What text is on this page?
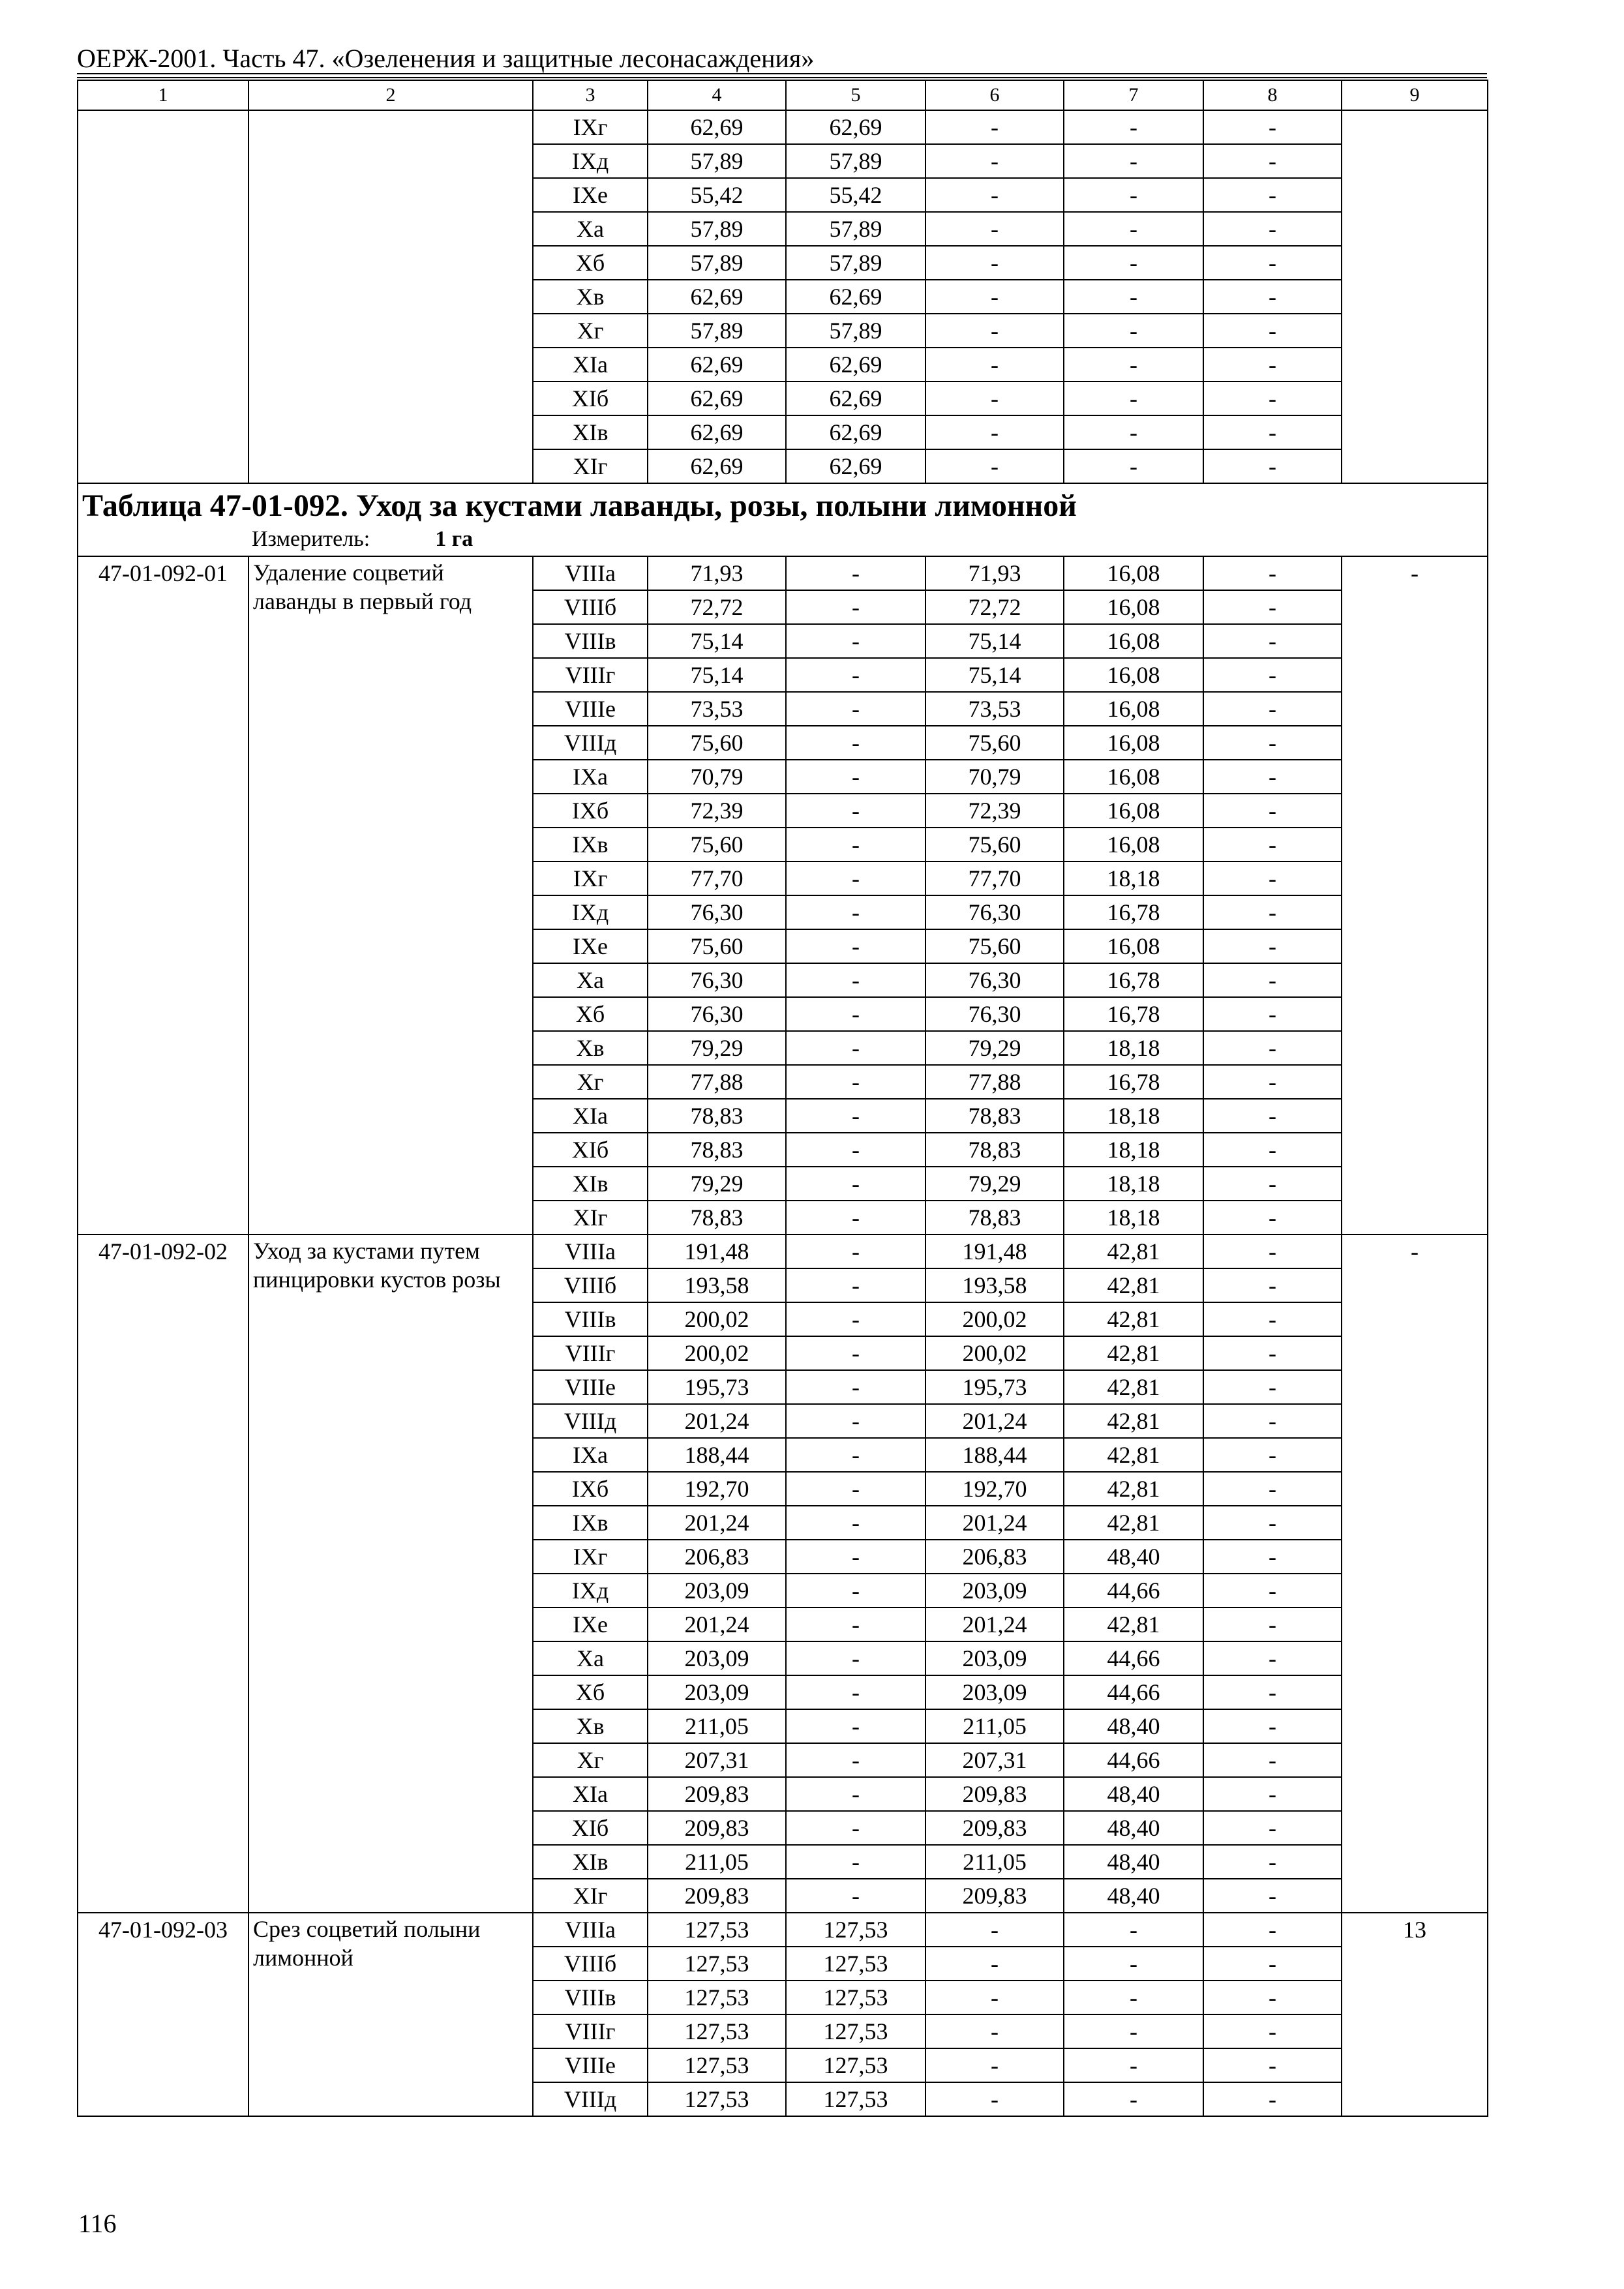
ОЕРЖ-2001. Часть 47. «Озеленения и защитные лесонасаждения»
1	2	3	4	5	6	7	8	9
		IXг	62,69	62,69	-	-	-	
		IXд	57,89	57,89	-	-	-	
		IXe	55,42	55,42	-	-	-	
		Xa	57,89	57,89	-	-	-	
		Xб	57,89	57,89	-	-	-	
		Xв	62,69	62,69	-	-	-	
		Xг	57,89	57,89	-	-	-	
		XIa	62,69	62,69	-	-	-	
		XIб	62,69	62,69	-	-	-	
		XIв	62,69	62,69	-	-	-	
		XIг	62,69	62,69	-	-	-	

Таблица 47-01-092. Уход за кустами лаванды, розы, полыни лимонной
Измеритель: 1 га								

47-01-092-01	Удаление соцветий лаванды в первый год	VIIIa	71,93	-	71,93	16,08	-	-
		VIIIб	72,72	-	72,72	16,08	-	
		VIIIв	75,14	-	75,14	16,08	-	
		VIIIг	75,14	-	75,14	16,08	-	
		VIIIe	73,53	-	73,53	16,08	-	
		VIIIд	75,60	-	75,60	16,08	-	
		IXa	70,79	-	70,79	16,08	-	
		IXб	72,39	-	72,39	16,08	-	
		IXв	75,60	-	75,60	16,08	-	
		IXг	77,70	-	77,70	18,18	-	
		IXд	76,30	-	76,30	16,78	-	
		IXe	75,60	-	75,60	16,08	-	
		Xa	76,30	-	76,30	16,78	-	
		Xб	76,30	-	76,30	16,78	-	
		Xв	79,29	-	79,29	18,18	-	
		Xг	77,88	-	77,88	16,78	-	
		XIa	78,83	-	78,83	18,18	-	
		XIб	78,83	-	78,83	18,18	-	
		XIв	79,29	-	79,29	18,18	-	
		XIг	78,83	-	78,83	18,18	-	
47-01-092-02	Уход за кустами путем пинцировки кустов розы	VIIIa	191,48	-	191,48	42,81	-	-
		VIIIб	193,58	-	193,58	42,81	-	
		VIIIв	200,02	-	200,02	42,81	-	
		VIIIг	200,02	-	200,02	42,81	-	
		VIIIe	195,73	-	195,73	42,81	-	
		VIIIд	201,24	-	201,24	42,81	-	
		IXa	188,44	-	188,44	42,81	-	
		IXб	192,70	-	192,70	42,81	-	
		IXв	201,24	-	201,24	42,81	-	
		IXг	206,83	-	206,83	48,40	-	
		IXд	203,09	-	203,09	44,66	-	
		IXe	201,24	-	201,24	42,81	-	
		Xa	203,09	-	203,09	44,66	-	
		Xб	203,09	-	203,09	44,66	-	
		Xв	211,05	-	211,05	48,40	-	
		Xг	207,31	-	207,31	44,66	-	
		XIa	209,83	-	209,83	48,40	-	
		XIб	209,83	-	209,83	48,40	-	
		XIв	211,05	-	211,05	48,40	-	
		XIг	209,83	-	209,83	48,40	-	
47-01-092-03	Срез соцветий полыни лимонной	VIIIa	127,53	127,53	-	-	-	13
		VIIIб	127,53	127,53	-	-	-	
		VIIIв	127,53	127,53	-	-	-	
		VIIIг	127,53	127,53	-	-	-	
		VIIIe	127,53	127,53	-	-	-	
		VIIIд	127,53	127,53	-	-	-	
116
